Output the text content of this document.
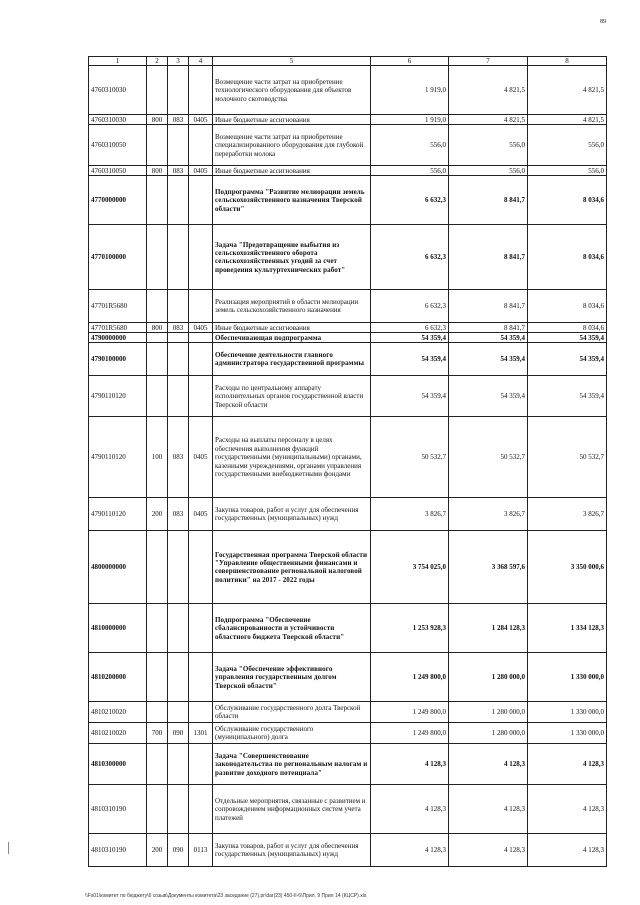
89
1	2	3	4	5	6	7	8
4760310030				Возмещение части затрат на приобретение технологического оборудования для объектов молочного скотоводства	1 919,0	4 821,5	4 821,5
4760310030	800	083	0405	Иные бюджетные ассигнования	1 919,0	4 821,5	4 821,5
4760310050				Возмещение части затрат на приобретение специализированного оборудования для глубокой переработки молока	556,0	556,0	556,0
4760310050	800	083	0405	Иные бюджетные ассигнования	556,0	556,0	556,0
4770000000				Подпрограмма "Развитие мелиорации земель сельскохозяйственного назначения Тверской области"	6 632,3	8 841,7	8 034,6
4770100000				Задача "Предотвращение выбытия из сельскохозяйственного оборота сельскохозяйственных угодий за счет проведения культуртехнических работ"	6 632,3	8 841,7	8 034,6
47701R5680				Реализация мероприятий в области мелиорации земель сельскохозяйственного назначения	6 632,3	8 841,7	8 034,6
47701R5680	800	083	0405	Иные бюджетные ассигнования	6 632,3	8 841,7	8 034,6
4790000000				Обеспечивающая подпрограмма	54 359,4	54 359,4	54 359,4
4790100000				Обеспечение деятельности главного администратора государственной программы	54 359,4	54 359,4	54 359,4
4790110120				Расходы по центральному аппарату исполнительных органов государственной власти Тверской области	54 359,4	54 359,4	54 359,4
4790110120	100	083	0405	Расходы на выплаты персоналу в целях обеспечения выполнения функций государственными (муниципальными) органами, казенными учреждениями, органами управления государственными внебюджетными фондами	50 532,7	50 532,7	50 532,7
4790110120	200	083	0405	Закупка товаров, работ и услуг для обеспечения государственных (муниципальных) нужд	3 826,7	3 826,7	3 826,7
4800000000				Государственная программа Тверской области "Управление общественными финансами и совершенствование региональной налоговой политики" на 2017 - 2022 годы	3 754 025,0	3 368 597,6	3 350 000,6
4810000000				Подпрограмма "Обеспечение сбалансированности и устойчивости областного бюджета Тверской области"	1 253 928,3	1 284 128,3	1 334 128,3
4810200000				Задача "Обеспечение эффективного управления государственным долгом Тверской области"	1 249 800,0	1 280 000,0	1 330 000,0
4810210020				Обслуживание государственного долга Тверской области	1 249 800,0	1 280 000,0	1 330 000,0
4810210020	700	090	1301	Обслуживание государственного (муниципального) долга	1 249 800,0	1 280 000,0	1 330 000,0
4810300000				Задача "Совершенствование законодательства по региональным налогам и развитие доходного потенциала"	4 128,3	4 128,3	4 128,3
4810310190				Отдельные мероприятия, связанные с развитием и сопровождением информационных систем учета платежей	4 128,3	4 128,3	4 128,3
4810310190	200	090	0113	Закупка товаров, работ и услуг для обеспечения государственных (муниципальных) нужд	4 128,3	4 128,3	4 128,3
\\Fs01\комитет по бюджету\6 созыв\Документы комитета\23 заседание (27).pr\dar(23) 450-II-6\Прил. 9 Прил 14 (КЦСР).xls
